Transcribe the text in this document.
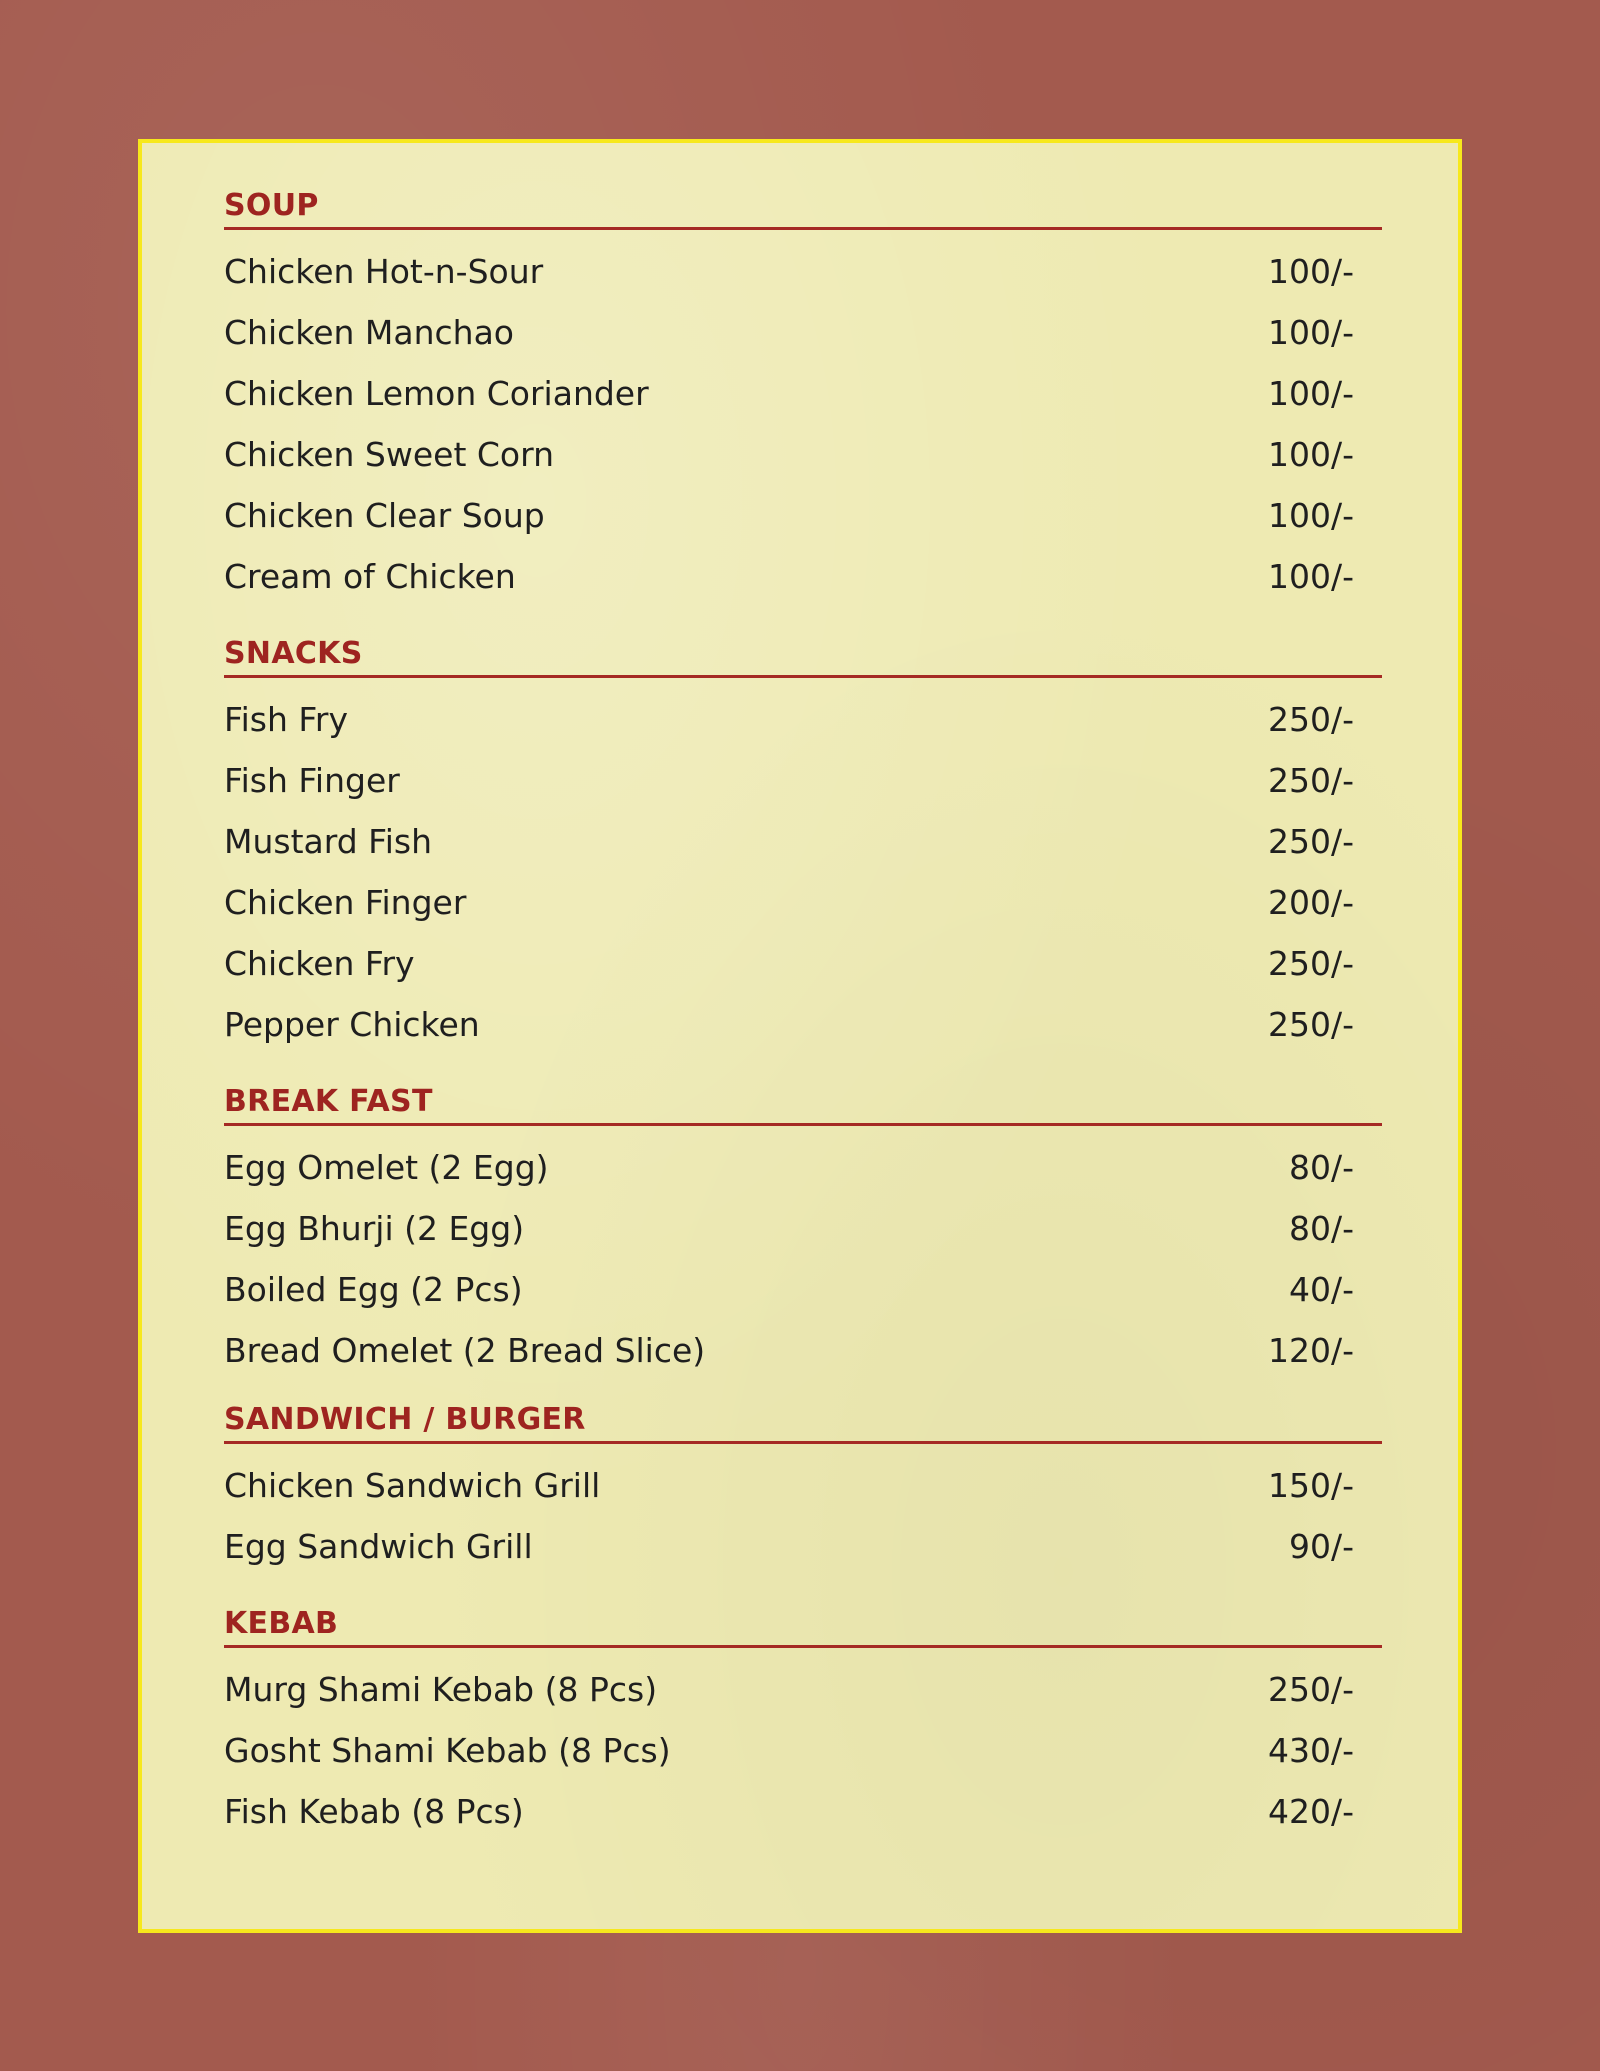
SOUP
Chicken Hot-n-Sour	100/-
Chicken Manchao	100/-
Chicken Lemon Coriander	100/-
Chicken Sweet Corn	100/-
Chicken Clear Soup	100/-
Cream of Chicken	100/-
SNACKS
Fish Fry	250/-
Fish Finger	250/-
Mustard Fish	250/-
Chicken Finger	200/-
Chicken Fry	250/-
Pepper Chicken	250/-
BREAK FAST
Egg Omelet (2 Egg)	80/-
Egg Bhurji (2 Egg)	80/-
Boiled Egg (2 Pcs)	40/-
Bread Omelet (2 Bread Slice)	120/-
SANDWICH / BURGER
Chicken Sandwich Grill	150/-
Egg Sandwich Grill	90/-
KEBAB
Murg Shami Kebab (8 Pcs)	250/-
Gosht Shami Kebab (8 Pcs)	430/-
Fish Kebab (8 Pcs)	420/-
